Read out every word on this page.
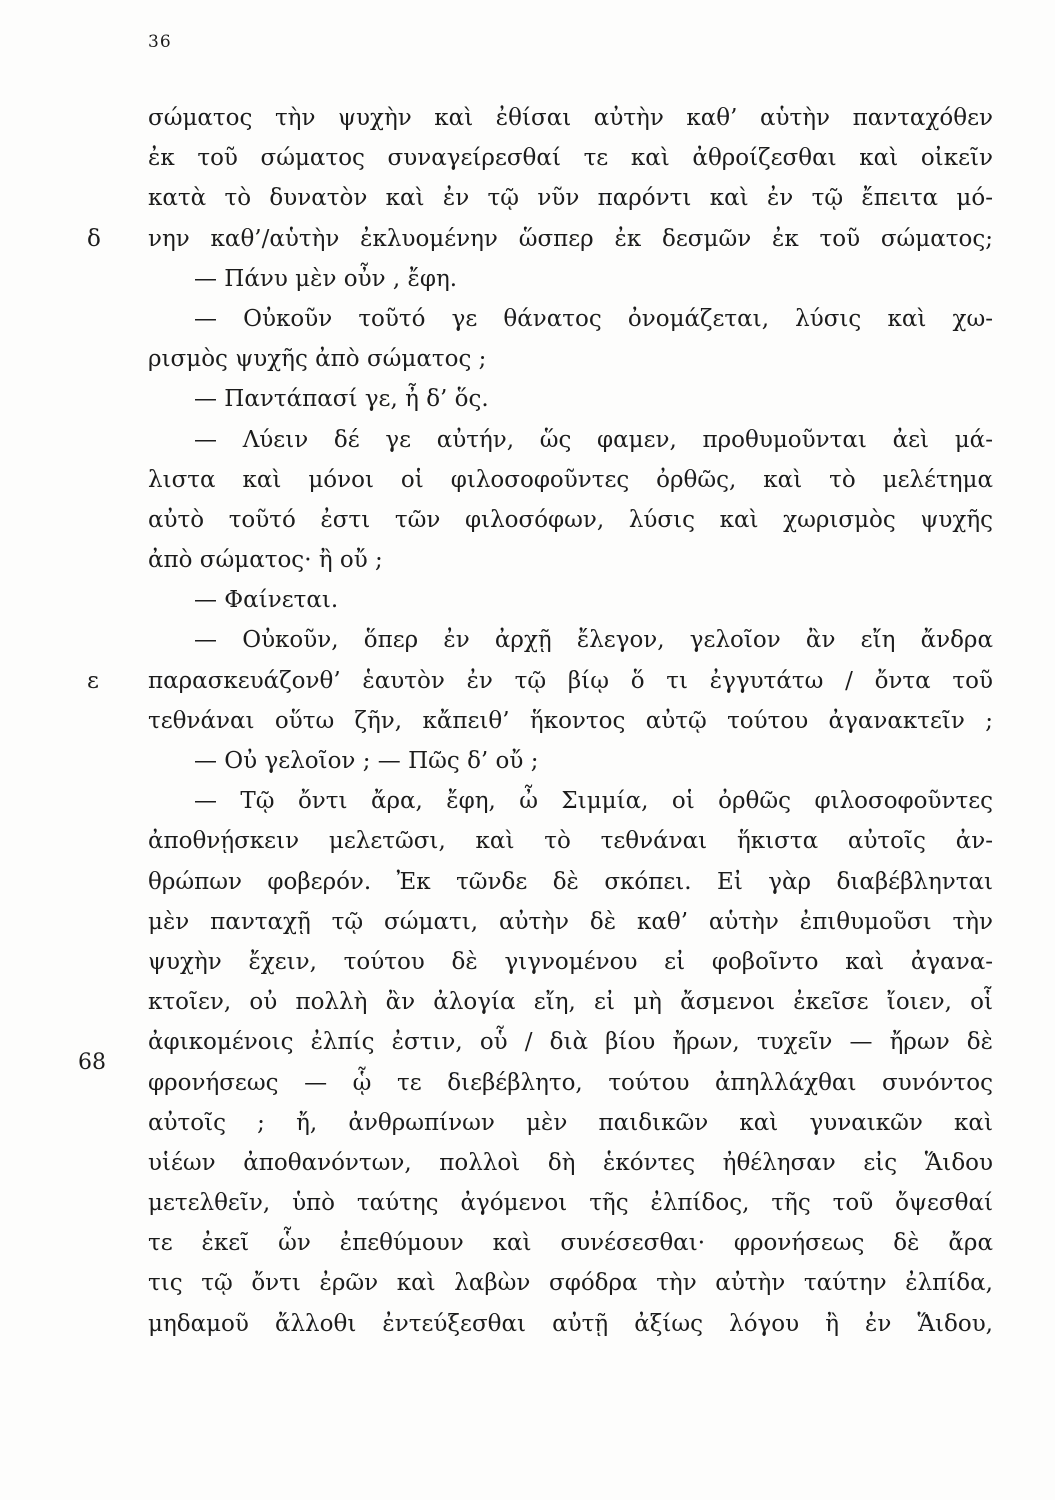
36
δ
ε
68
σώματος τὴν ψυχὴν καὶ ἐθίσαι αὐτὴν καθ’ αὑτὴν πανταχόθεν
ἐκ τοῦ σώματος συναγείρεσθαί τε καὶ ἀθροίζεσθαι καὶ οἰκεῖν
κατὰ τὸ δυνατὸν καὶ ἐν τῷ νῦν παρόντι καὶ ἐν τῷ ἔπειτα μό-
νην καθ’/αὑτὴν ἐκλυομένην ὥσπερ ἐκ δεσμῶν ἐκ τοῦ σώματος;
— Πάνυ μὲν οὖν , ἔφη.
— Οὐκοῦν τοῦτό γε θάνατος ὀνομάζεται, λύσις καὶ χω-
ρισμὸς ψυχῆς ἀπὸ σώματος ;
— Παντάπασί γε, ἦ δ’ ὅς.
— Λύειν δέ γε αὐτήν, ὥς φαμεν, προθυμοῦνται ἀεὶ μά-
λιστα καὶ μόνοι οἱ φιλοσοφοῦντες ὀρθῶς, καὶ τὸ μελέτημα
αὐτὸ τοῦτό ἐστι τῶν φιλοσόφων, λύσις καὶ χωρισμὸς ψυχῆς
ἀπὸ σώματος· ἢ οὔ ;
— Φαίνεται.
— Οὐκοῦν, ὅπερ ἐν ἀρχῇ ἔλεγον, γελοῖον ἂν εἴη ἄνδρα
παρασκευάζονθ’ ἑαυτὸν ἐν τῷ βίῳ ὅ τι ἐγγυτάτω / ὄντα τοῦ
τεθνάναι οὕτω ζῆν, κἄπειθ’ ἥκοντος αὐτῷ τούτου ἀγανακτεῖν ;
— Οὐ γελοῖον ; — Πῶς δ’ οὔ ;
— Τῷ ὄντι ἄρα, ἔφη, ὦ Σιμμία, οἱ ὀρθῶς φιλοσοφοῦντες
ἀποθνῄσκειν μελετῶσι, καὶ τὸ τεθνάναι ἥκιστα αὐτοῖς ἀν-
θρώπων φοβερόν. Ἐκ τῶνδε δὲ σκόπει. Εἰ γὰρ διαβέβληνται
μὲν πανταχῇ τῷ σώματι, αὐτὴν δὲ καθ’ αὑτὴν ἐπιθυμοῦσι τὴν
ψυχὴν ἔχειν, τούτου δὲ γιγνομένου εἰ φοβοῖντο καὶ ἀγανα-
κτοῖεν, οὐ πολλὴ ἂν ἀλογία εἴη, εἰ μὴ ἄσμενοι ἐκεῖσε ἴοιεν, οἷ
ἀφικομένοις ἐλπίς ἐστιν, οὗ / διὰ βίου ἤρων, τυχεῖν — ἤρων δὲ
φρονήσεως — ᾧ τε διεβέβλητο, τούτου ἀπηλλάχθαι συνόντος
αὐτοῖς ; ἤ, ἀνθρωπίνων μὲν παιδικῶν καὶ γυναικῶν καὶ
υἱέων ἀποθανόντων, πολλοὶ δὴ ἑκόντες ἠθέλησαν εἰς Ἅιδου
μετελθεῖν, ὑπὸ ταύτης ἀγόμενοι τῆς ἐλπίδος, τῆς τοῦ ὄψεσθαί
τε ἐκεῖ ὧν ἐπεθύμουν καὶ συνέσεσθαι· φρονήσεως δὲ ἄρα
τις τῷ ὄντι ἐρῶν καὶ λαβὼν σφόδρα τὴν αὐτὴν ταύτην ἐλπίδα,
μηδαμοῦ ἄλλοθι ἐντεύξεσθαι αὐτῇ ἀξίως λόγου ἢ ἐν Ἅιδου,
